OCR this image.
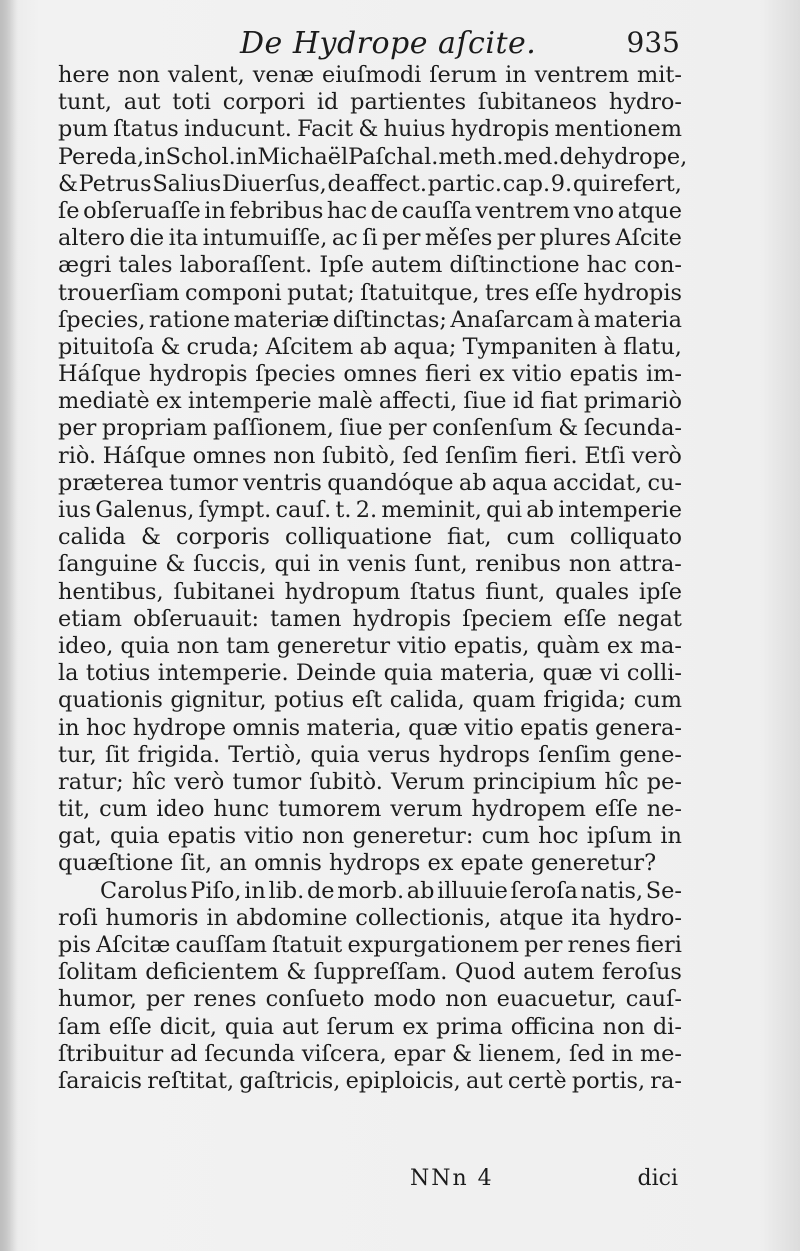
De Hydrope aſcite.	935
here non valent, venæ eiuſmodi ſerum in ventrem mit-
tunt, aut toti corpori id partientes ſubitaneos hydro-
pum ſtatus inducunt. Facit & huius hydropis mentionem
Pereda, in Schol. in Michaël Paſchal. meth. med. de hydrope,
& Petrus Salius Diuerſus, de affect. partic. cap. 9. qui refert,
ſe obſeruaſſe in febribus hac de cauſſa ventrem vno atque
altero die ita intumuiſſe, ac ſi per měſes per plures Aſcite
ægri tales laboraſſent. Ipſe autem diſtinctione hac con-
trouerſiam componi putat; ſtatuitque, tres eſſe hydropis
ſpecies, ratione materiæ diſtinctas; Anaſarcam à materia
pituitoſa & cruda; Aſcitem ab aqua; Tympaniten à flatu,
Háſque hydropis ſpecies omnes fieri ex vitio epatis im-
mediatè ex intemperie malè affecti, ſiue id fiat primariò
per propriam paſſionem, ſiue per conſenſum & ſecunda-
riò. Háſque omnes non ſubitò, ſed ſenſim fieri. Etſi verò
præterea tumor ventris quandóque ab aqua accidat, cu-
ius Galenus, ſympt. cauſ. t. 2. meminit, qui ab intemperie
calida & corporis colliquatione fiat, cum colliquato
ſanguine & ſuccis, qui in venis ſunt, renibus non attra-
hentibus, ſubitanei hydropum ſtatus fiunt, quales ipſe
etiam obſeruauit: tamen hydropis ſpeciem eſſe negat
ideo, quia non tam generetur vitio epatis, quàm ex ma-
la totius intemperie. Deinde quia materia, quæ vi colli-
quationis gignitur, potius eſt calida, quam frigida; cum
in hoc hydrope omnis materia, quæ vitio epatis genera-
tur, ſit frigida. Tertiò, quia verus hydrops ſenſim gene-
ratur; hîc verò tumor ſubitò. Verum principium hîc pe-
tit, cum ideo hunc tumorem verum hydropem eſſe ne-
gat, quia epatis vitio non generetur: cum hoc ipſum in
quæſtione ſit, an omnis hydrops ex epate generetur?
Carolus Piſo, in lib. de morb. ab illuuie ſeroſa natis, Se-
roſi humoris in abdomine collectionis, atque ita hydro-
pis Aſcitæ cauſſam ſtatuit expurgationem per renes fieri
ſolitam deficientem & ſuppreſſam. Quod autem feroſus
humor, per renes conſueto modo non euacuetur, cauſ-
ſam eſſe dicit, quia aut ſerum ex prima officina non di-
ſtribuitur ad ſecunda viſcera, epar & lienem, ſed in me-
ſaraicis reſtitat, gaſtricis, epiploicis, aut certè portis, ra-
NNn 4	dici
